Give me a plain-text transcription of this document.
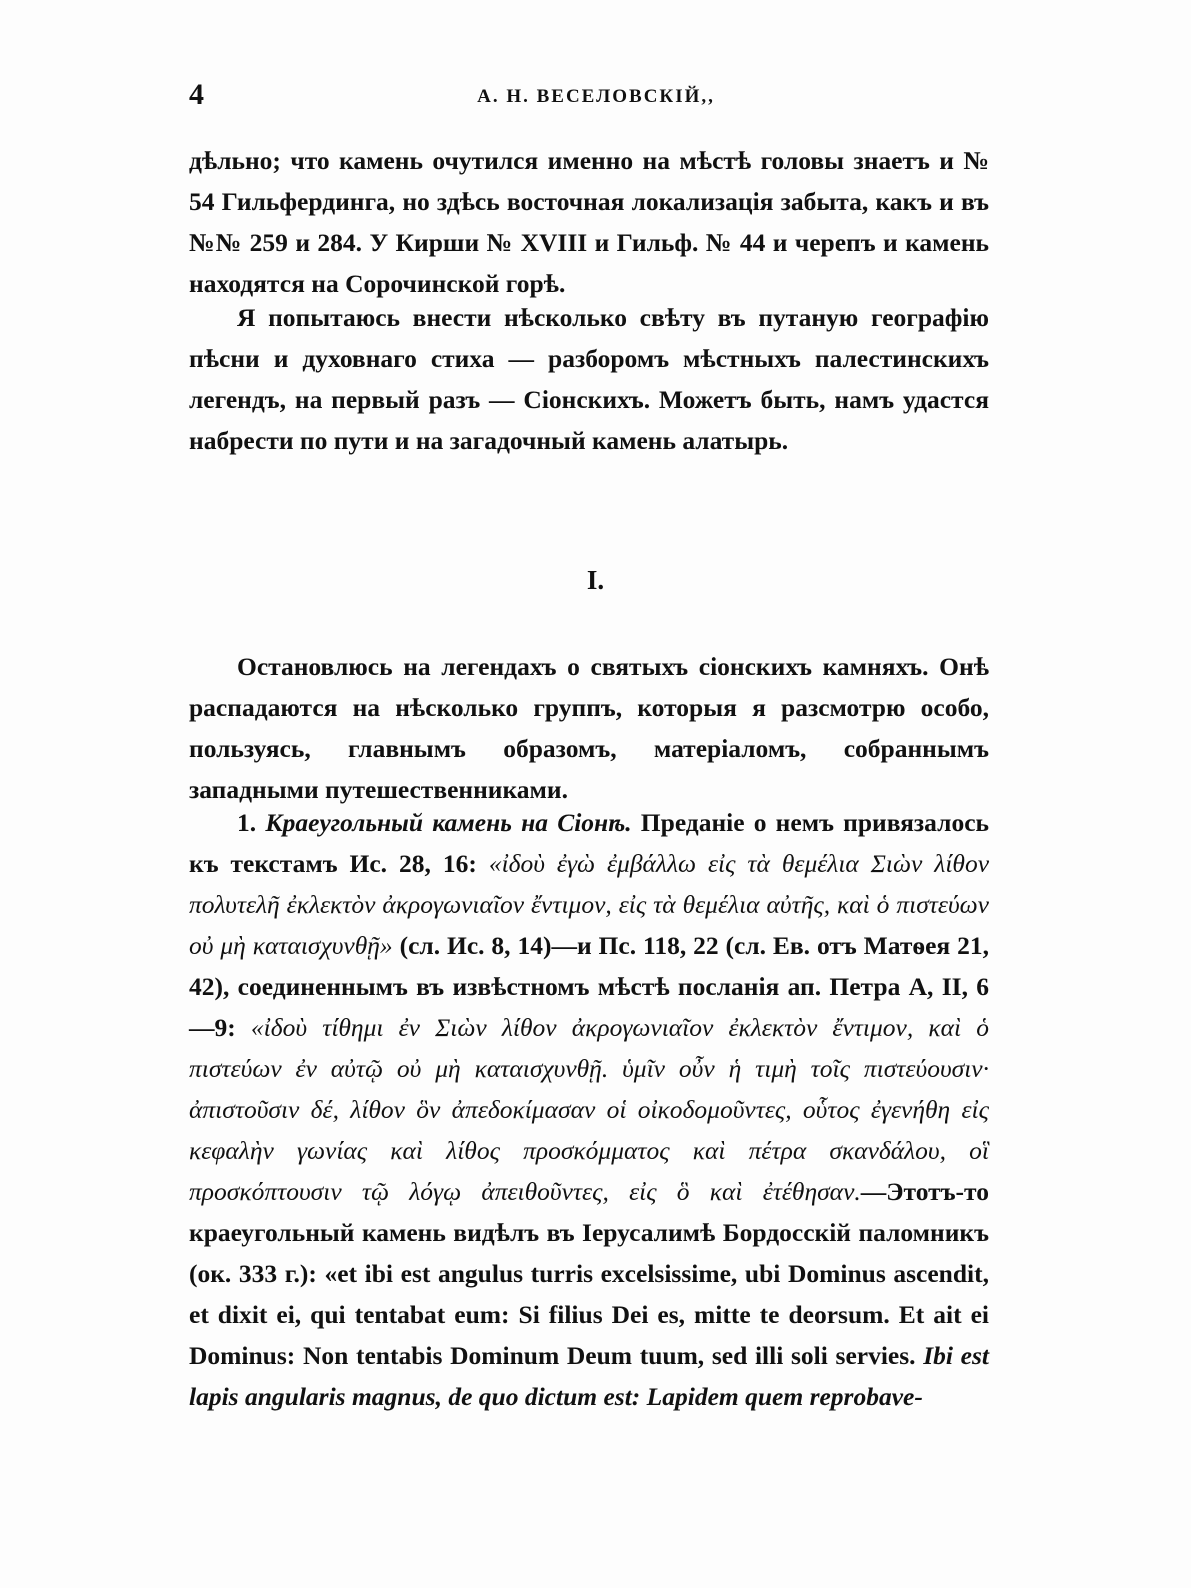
4	А. Н. ВЕСЕЛОВСКІЙ,,

дѣльно; что камень очутился именно на мѣстѣ головы знаетъ и № 54 Гильфердинга, но здѣсь восточная локализація забыта, какъ и въ №№ 259 и 284. У Кирши № XVIII и Гильф. № 44 и черепъ и камень находятся на Сорочинской горѣ.

Я попытаюсь внести нѣсколько свѣту въ путаную географію пѣсни и духовнаго стиха — разборомъ мѣстныхъ палестинскихъ легендъ, на первый разъ — Сіонскихъ. Можетъ быть, намъ удастся набрести по пути и на загадочный камень алатырь.

I.

Остановлюсь на легендахъ о святыхъ сіонскихъ камняхъ. Онѣ распадаются на нѣсколько группъ, которыя я разсмотрю особо, пользуясь, главнымъ образомъ, матеріаломъ, собраннымъ западными путешественниками.

1. Краеугольный камень на Сіонѣ. Преданіе о немъ привязалось къ текстамъ Ис. 28, 16: «ἰδοὺ ἐγὼ ἐμβάλλω εἰς τὰ θεμέλια Σιὼν λίθον πολυτελῆ ἐκλεκτὸν ἀκρογωνιαῖον ἔντιμον, εἰς τὰ θεμέλια αὐτῆς, καὶ ὁ πιστεύων οὐ μὴ καταισχυνθῇ» (сл. Ис. 8, 14)—и Пс. 118, 22 (сл. Ев. отъ Матѳея 21, 42), соединеннымъ въ извѣстномъ мѣстѣ посланія ап. Петра А, II, 6—9: «ἰδοὺ τίθημι ἐν Σιὼν λίθον ἀκρογωνιαῖον ἐκλεκτὸν ἔντιμον, καὶ ὁ πιστεύων ἐν αὐτῷ οὐ μὴ καταισχυνθῇ. ὑμῖν οὖν ἡ τιμὴ τοῖς πιστεύουσιν· ἀπιστοῦσιν δέ, λίθον ὃν ἀπεδοκίμασαν οἱ οἰκοδομοῦντες, οὗτος ἐγενήθη εἰς κεφαλὴν γωνίας καὶ λίθος προσκόμματος καὶ πέτρα σκανδάλου, οἳ προσκόπτουσιν τῷ λόγῳ ἀπειθοῦντες, εἰς ὃ καὶ ἐτέθησαν.—Этотъ-то краеугольный камень видѣлъ въ Іерусалимѣ Бордосскій паломникъ (ок. 333 г.): «et ibi est angulus turris excelsissime, ubi Dominus ascendit, et dixit ei, qui tentabat eum: Si filius Dei es, mitte te deorsum. Et ait ei Dominus: Non tentabis Dominum Deum tuum, sed illi soli servies. Ibi est lapis angularis magnus, de quo dictum est: Lapidem quem reprobave-
